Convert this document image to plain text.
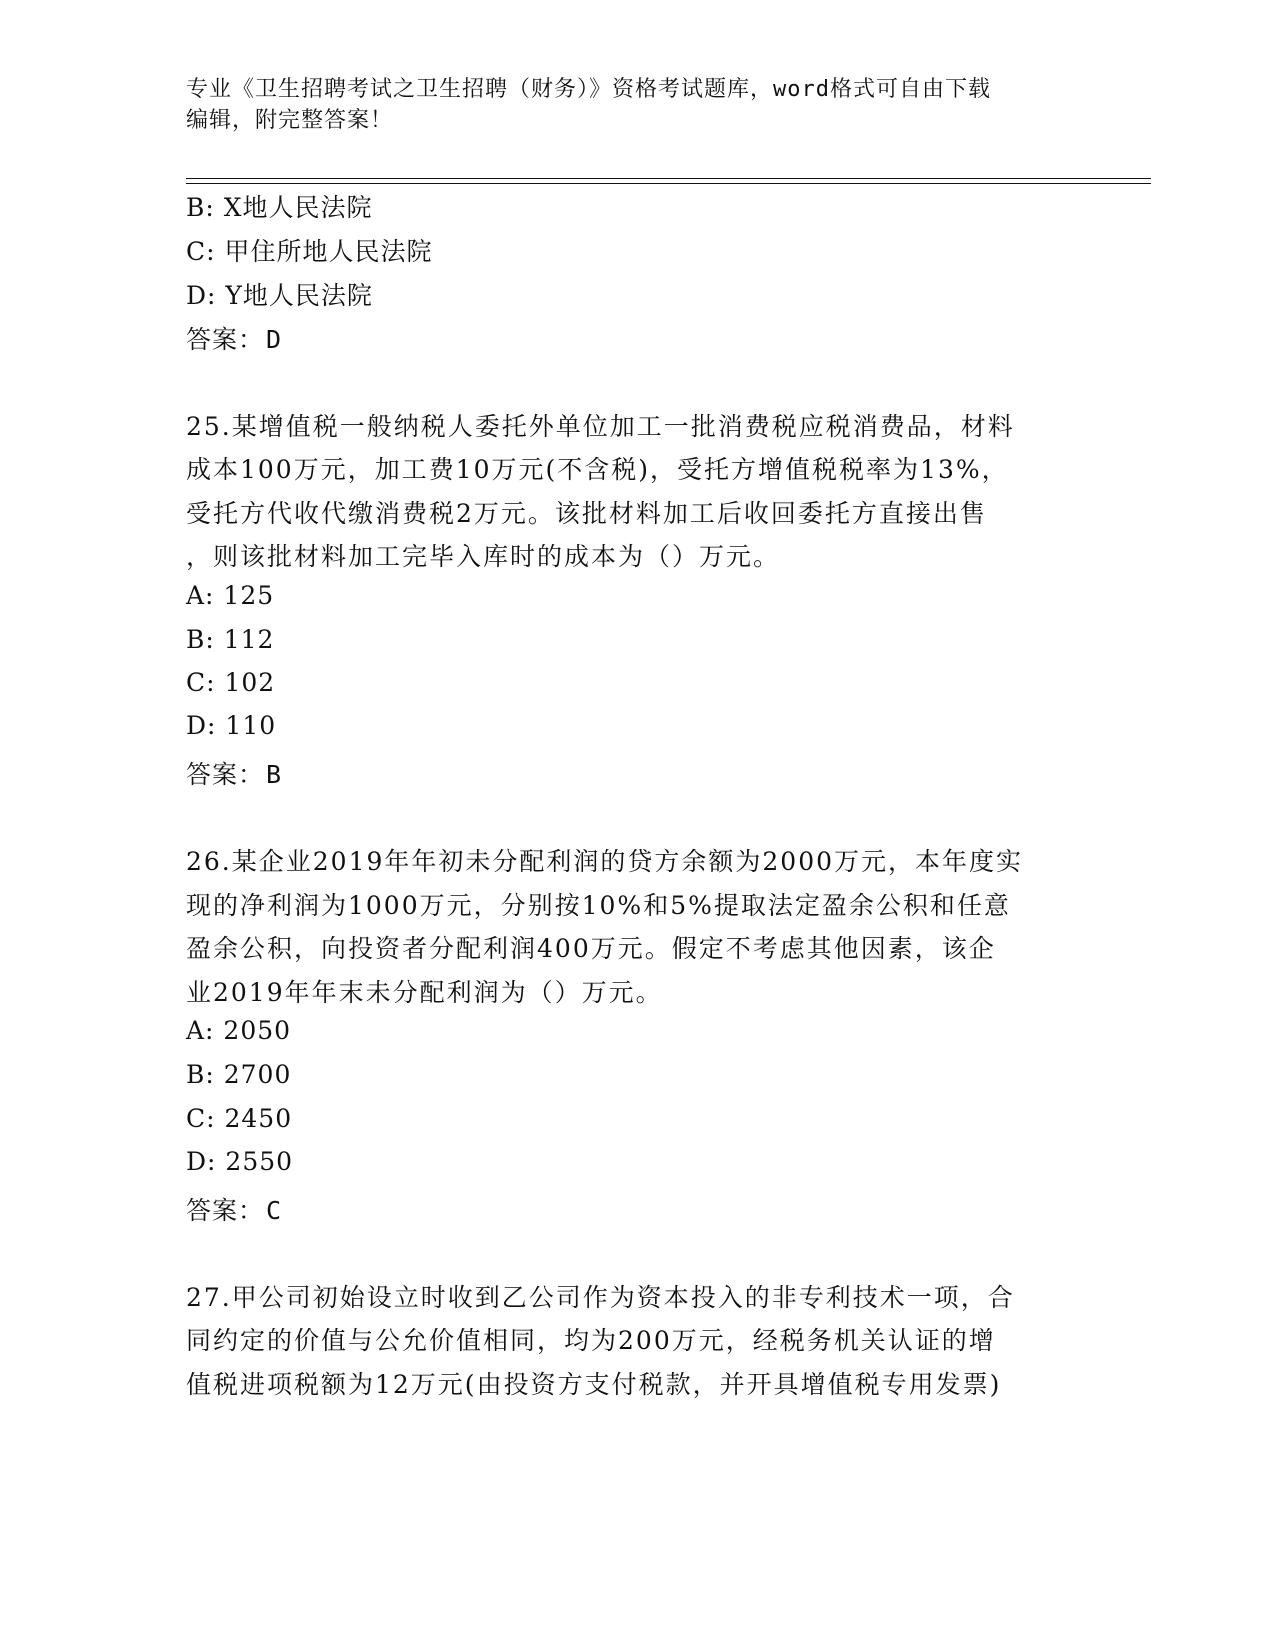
专业《卫生招聘考试之卫生招聘（财务）》资格考试题库，word格式可自由下载
编辑，附完整答案！
B: X地人民法院
C: 甲住所地人民法院
D: Y地人民法院
答案：D
25.某增值税一般纳税人委托外单位加工一批消费税应税消费品，材料
成本100万元，加工费10万元(不含税)，受托方增值税税率为13%，
受托方代收代缴消费税2万元。该批材料加工后收回委托方直接出售
，则该批材料加工完毕入库时的成本为（）万元。
A: 125
B: 112
C: 102
D: 110
答案：B
26.某企业2019年年初未分配利润的贷方余额为2000万元，本年度实
现的净利润为1000万元，分别按10%和5%提取法定盈余公积和任意
盈余公积，向投资者分配利润400万元。假定不考虑其他因素，该企
业2019年年末未分配利润为（）万元。
A: 2050
B: 2700
C: 2450
D: 2550
答案：C
27.甲公司初始设立时收到乙公司作为资本投入的非专利技术一项，合
同约定的价值与公允价值相同，均为200万元，经税务机关认证的增
值税进项税额为12万元(由投资方支付税款，并开具增值税专用发票)
